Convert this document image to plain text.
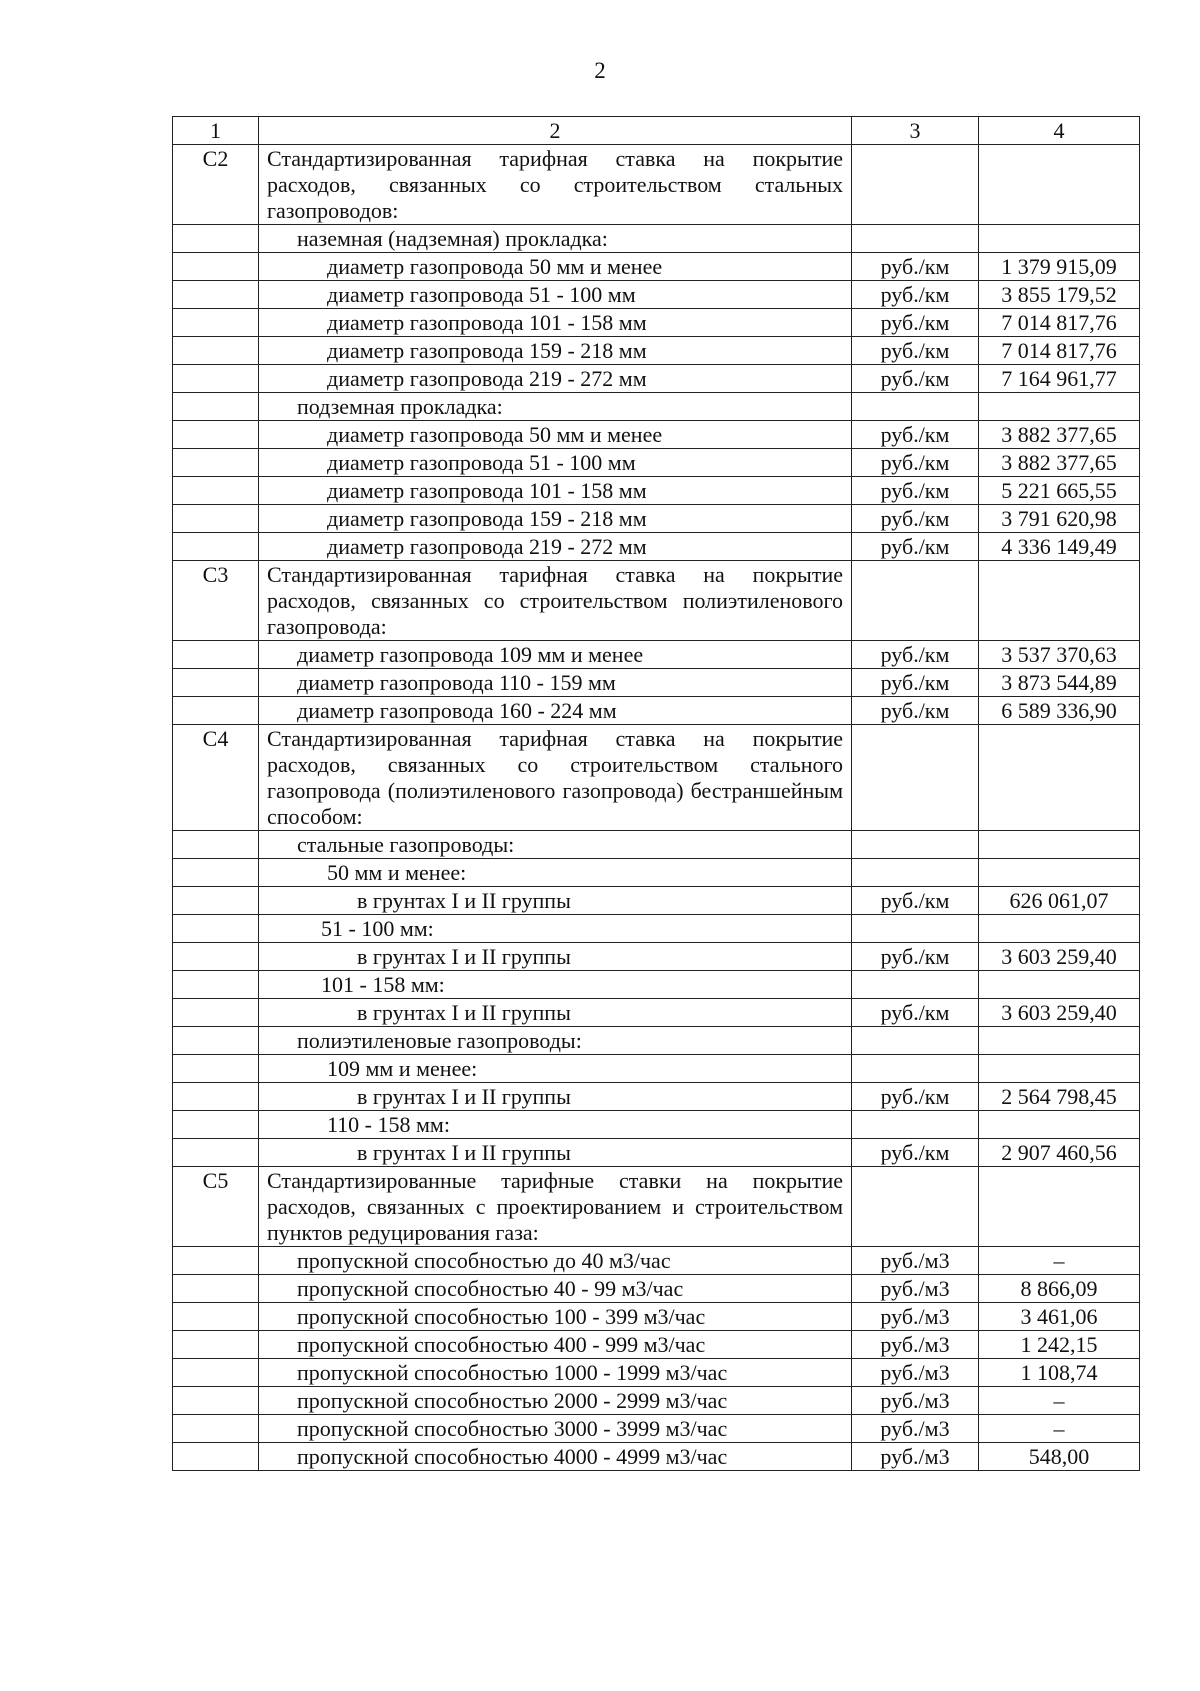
2
1	2	3	4
С2	Стандартизированная тарифная ставка на покрытие расходов, связанных со строительством стальных газопроводов:		
	наземная (надземная) прокладка:		
	диаметр газопровода 50 мм и менее	руб./км	1 379 915,09
	диаметр газопровода 51 - 100 мм	руб./км	3 855 179,52
	диаметр газопровода 101 - 158 мм	руб./км	7 014 817,76
	диаметр газопровода 159 - 218 мм	руб./км	7 014 817,76
	диаметр газопровода 219 - 272 мм	руб./км	7 164 961,77
	подземная прокладка:		
	диаметр газопровода 50 мм и менее	руб./км	3 882 377,65
	диаметр газопровода 51 - 100 мм	руб./км	3 882 377,65
	диаметр газопровода 101 - 158 мм	руб./км	5 221 665,55
	диаметр газопровода 159 - 218 мм	руб./км	3 791 620,98
	диаметр газопровода 219 - 272 мм	руб./км	4 336 149,49
С3	Стандартизированная тарифная ставка на покрытие расходов, связанных со строительством полиэтиленового газопровода:		
	диаметр газопровода 109 мм и менее	руб./км	3 537 370,63
	диаметр газопровода 110 - 159 мм	руб./км	3 873 544,89
	диаметр газопровода 160 - 224 мм	руб./км	6 589 336,90
С4	Стандартизированная тарифная ставка на покрытие расходов, связанных со строительством стального газопровода (полиэтиленового газопровода) бестраншейным способом:		
	стальные газопроводы:		
	50 мм и менее:		
	в грунтах I и II группы	руб./км	626 061,07
	51 - 100 мм:		
	в грунтах I и II группы	руб./км	3 603 259,40
	101 - 158 мм:		
	в грунтах I и II группы	руб./км	3 603 259,40
	полиэтиленовые газопроводы:		
	109 мм и менее:		
	в грунтах I и II группы	руб./км	2 564 798,45
	110 - 158 мм:		
	в грунтах I и II группы	руб./км	2 907 460,56
С5	Стандартизированные тарифные ставки на покрытие расходов, связанных с проектированием и строительством пунктов редуцирования газа:		
	пропускной способностью до 40 м3/час	руб./м3	–
	пропускной способностью 40 - 99 м3/час	руб./м3	8 866,09
	пропускной способностью 100 - 399 м3/час	руб./м3	3 461,06
	пропускной способностью 400 - 999 м3/час	руб./м3	1 242,15
	пропускной способностью 1000 - 1999 м3/час	руб./м3	1 108,74
	пропускной способностью 2000 - 2999 м3/час	руб./м3	–
	пропускной способностью 3000 - 3999 м3/час	руб./м3	–
	пропускной способностью 4000 - 4999 м3/час	руб./м3	548,00
